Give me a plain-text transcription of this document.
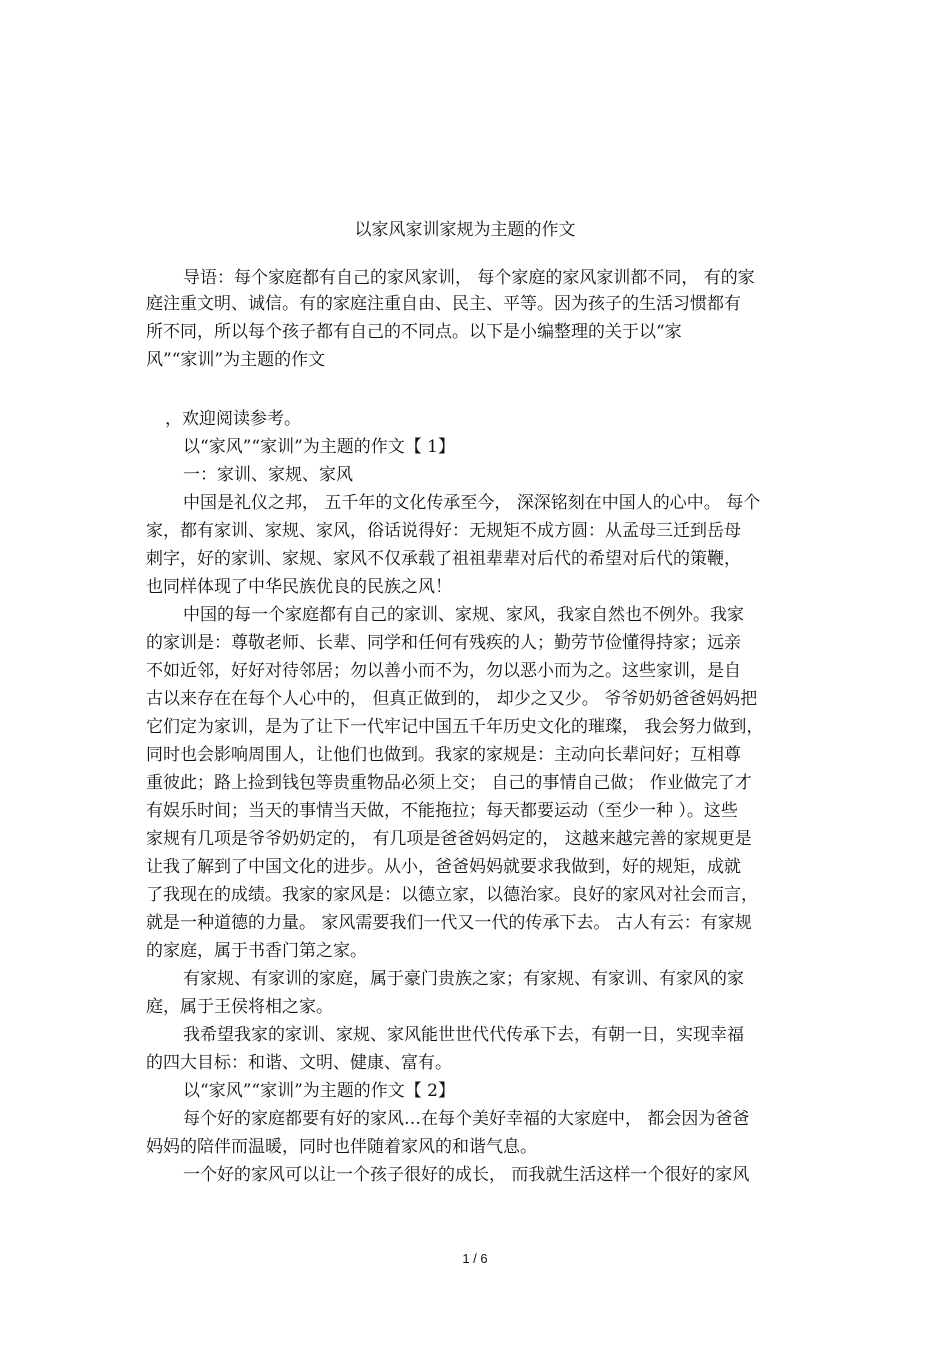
以家风家训家规为主题的作文

导语：每个家庭都有自己的家风家训， 每个家庭的家风家训都不同， 有的家

庭注重文明、诚信。有的家庭注重自由、民主、平等。因为孩子的生活习惯都有

所不同，所以每个孩子都有自己的不同点。以下是小编整理的关于以“家

风”“家训”为主题的作文

，欢迎阅读参考。

以“家风”“家训”为主题的作文【 1】

一：家训、家规、家风

中国是礼仪之邦， 五千年的文化传承至今， 深深铭刻在中国人的心中。 每个

家，都有家训、家规、家风，俗话说得好：无规矩不成方圆：从孟母三迁到岳母

刺字，好的家训、家规、家风不仅承载了祖祖辈辈对后代的希望对后代的策鞭，

也同样体现了中华民族优良的民族之风！

中国的每一个家庭都有自己的家训、家规、家风，我家自然也不例外。我家

的家训是：尊敬老师、长辈、同学和任何有残疾的人；勤劳节俭懂得持家；远亲

不如近邻，好好对待邻居；勿以善小而不为，勿以恶小而为之。这些家训，是自

古以来存在在每个人心中的， 但真正做到的， 却少之又少。 爷爷奶奶爸爸妈妈把

它们定为家训，是为了让下一代牢记中国五千年历史文化的璀璨， 我会努力做到，

同时也会影响周围人，让他们也做到。我家的家规是：主动向长辈问好；互相尊

重彼此；路上捡到钱包等贵重物品必须上交； 自己的事情自己做； 作业做完了才

有娱乐时间；当天的事情当天做，不能拖拉；每天都要运动（至少一种 ）。这些

家规有几项是爷爷奶奶定的， 有几项是爸爸妈妈定的， 这越来越完善的家规更是

让我了解到了中国文化的进步。从小，爸爸妈妈就要求我做到，好的规矩，成就

了我现在的成绩。我家的家风是：以德立家，以德治家。良好的家风对社会而言，

就是一种道德的力量。 家风需要我们一代又一代的传承下去。 古人有云：有家规

的家庭，属于书香门第之家。

有家规、有家训的家庭，属于豪门贵族之家；有家规、有家训、有家风的家

庭，属于王侯将相之家。

我希望我家的家训、家规、家风能世世代代传承下去，有朝一日，实现幸福

的四大目标：和谐、文明、健康、富有。

以“家风”“家训”为主题的作文【 2】

每个好的家庭都要有好的家风…在每个美好幸福的大家庭中， 都会因为爸爸

妈妈的陪伴而温暖，同时也伴随着家风的和谐气息。

一个好的家风可以让一个孩子很好的成长， 而我就生活这样一个很好的家风

1 / 6
